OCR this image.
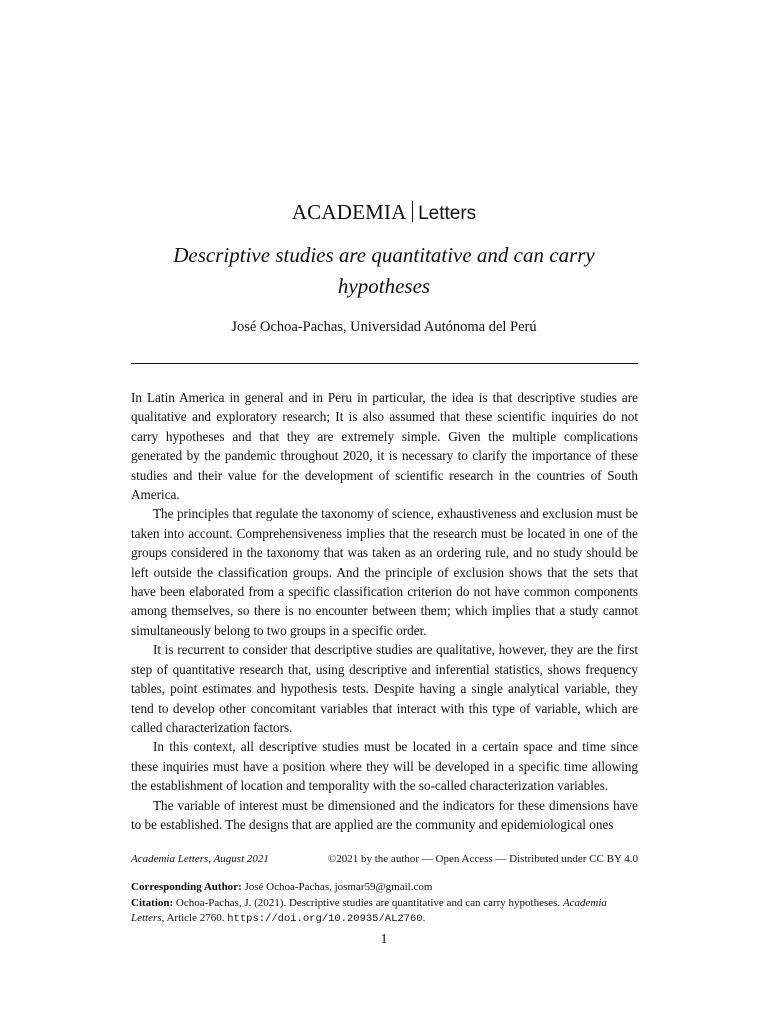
ACADEMIA Letters
Descriptive studies are quantitative and can carry hypotheses
José Ochoa-Pachas, Universidad Autónoma del Perú

In Latin America in general and in Peru in particular, the idea is that descriptive studies are qualitative and exploratory research; It is also assumed that these scientific inquiries do not carry hypotheses and that they are extremely simple. Given the multiple complications generated by the pandemic throughout 2020, it is necessary to clarify the importance of these studies and their value for the development of scientific research in the countries of South America.

The principles that regulate the taxonomy of science, exhaustiveness and exclusion must be taken into account. Comprehensiveness implies that the research must be located in one of the groups considered in the taxonomy that was taken as an ordering rule, and no study should be left outside the classification groups. And the principle of exclusion shows that the sets that have been elaborated from a specific classification criterion do not have common components among themselves, so there is no encounter between them; which implies that a study cannot simultaneously belong to two groups in a specific order.

It is recurrent to consider that descriptive studies are qualitative, however, they are the first step of quantitative research that, using descriptive and inferential statistics, shows frequency tables, point estimates and hypothesis tests. Despite having a single analytical variable, they tend to develop other concomitant variables that interact with this type of variable, which are called characterization factors.

In this context, all descriptive studies must be located in a certain space and time since these inquiries must have a position where they will be developed in a specific time allowing the establishment of location and temporality with the so-called characterization variables.

The variable of interest must be dimensioned and the indicators for these dimensions have to be established. The designs that are applied are the community and epidemiological ones

Academia Letters, August 2021	©2021 by the author — Open Access — Distributed under CC BY 4.0
Corresponding Author: José Ochoa-Pachas, josmar59@gmail.com
Citation: Ochoa-Pachas, J. (2021). Descriptive studies are quantitative and can carry hypotheses. Academia Letters, Article 2760. https://doi.org/10.20935/AL2760.
1
